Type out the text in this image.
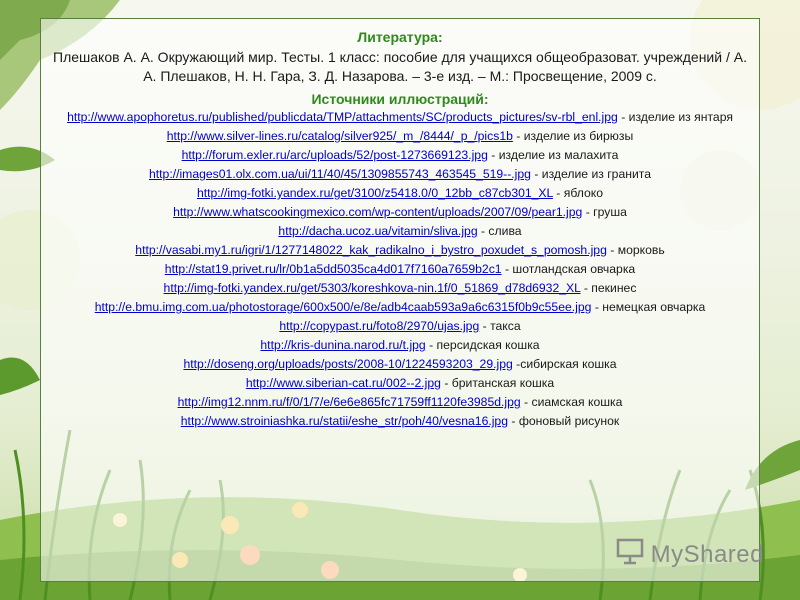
Литература:

Плешаков А. А. Окружающий мир. Тесты. 1 класс: пособие для учащихся общеобразоват. учреждений / А. А. Плешаков, Н. Н. Гара, З. Д. Назарова. – 3-е изд. – М.: Просвещение, 2009 с.

Источники иллюстраций:

http://www.apophoretus.ru/published/publicdata/TMP/attachments/SC/products_pictures/sv-rbl_enl.jpg - изделие из янтаря
http://www.silver-lines.ru/catalog/silver925/_m_/8444/_p_/pics1b - изделие из бирюзы
http://forum.exler.ru/arc/uploads/52/post-1273669123.jpg - изделие из малахита
http://images01.olx.com.ua/ui/11/40/45/1309855743_463545_519--.jpg - изделие из гранита
http://img-fotki.yandex.ru/get/3100/z5418.0/0_12bb_c87cb301_XL - яблоко
http://www.whatscookingmexico.com/wp-content/uploads/2007/09/pear1.jpg - груша
http://dacha.ucoz.ua/vitamin/sliva.jpg - слива
http://vasabi.my1.ru/igri/1/1277148022_kak_radikalno_i_bystro_poxudet_s_pomosh.jpg - морковь
http://stat19.privet.ru/lr/0b1a5dd5035ca4d017f7160a7659b2c1 - шотландская овчарка
http://img-fotki.yandex.ru/get/5303/koreshkova-nin.1f/0_51869_d78d6932_XL - пекинес
http://e.bmu.img.com.ua/photostorage/600x500/e/8e/adb4caab593a9a6c6315f0b9c55ee.jpg - немецкая овчарка
http://copypast.ru/foto8/2970/ujas.jpg - такса
http://kris-dunina.narod.ru/t.jpg - персидская кошка
http://doseng.org/uploads/posts/2008-10/1224593203_29.jpg -сибирская кошка
http://www.siberian-cat.ru/002--2.jpg - британская кошка
http://img12.nnm.ru/f/0/1/7/e/6e6e865fc71759ff1120fe3985d.jpg - сиамская кошка
http://www.stroiniashka.ru/statii/eshe_str/poh/40/vesna16.jpg - фоновый рисунок
MyShared
